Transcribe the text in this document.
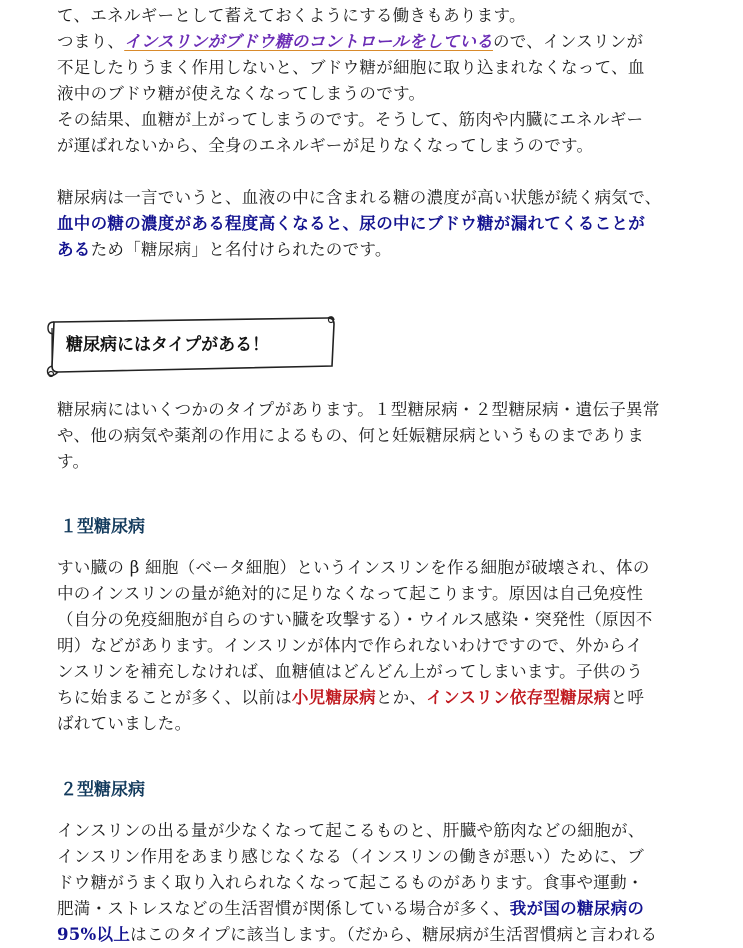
て、エネルギーとして蓄えておくようにする働きもあります。
つまり、インスリンがブドウ糖のコントロールをしているので、インスリンが
不足したりうまく作用しないと、ブドウ糖が細胞に取り込まれなくなって、血
液中のブドウ糖が使えなくなってしまうのです。
その結果、血糖が上がってしまうのです。そうして、筋肉や内臓にエネルギー
が運ばれないから、全身のエネルギーが足りなくなってしまうのです。
糖尿病は一言でいうと、血液の中に含まれる糖の濃度が高い状態が続く病気で、
血中の糖の濃度がある程度高くなると、尿の中にブドウ糖が漏れてくることが
あるため「糖尿病」と名付けられたのです。
糖尿病にはタイプがある！
糖尿病にはいくつかのタイプがあります。１型糖尿病・２型糖尿病・遺伝子異常
や、他の病気や薬剤の作用によるもの、何と妊娠糖尿病というものまでありま
す。
１型糖尿病
すい臓の β 細胞（ベータ細胞）というインスリンを作る細胞が破壊され、体の
中のインスリンの量が絶対的に足りなくなって起こります。原因は自己免疫性
（自分の免疫細胞が自らのすい臓を攻撃する）・ウイルス感染・突発性（原因不
明）などがあります。インスリンが体内で作られないわけですので、外からイ
ンスリンを補充しなければ、血糖値はどんどん上がってしまいます。子供のう
ちに始まることが多く、以前は小児糖尿病とか、インスリン依存型糖尿病と呼
ばれていました。
２型糖尿病
インスリンの出る量が少なくなって起こるものと、肝臓や筋肉などの細胞が、
インスリン作用をあまり感じなくなる（インスリンの働きが悪い）ために、ブ
ドウ糖がうまく取り入れられなくなって起こるものがあります。食事や運動・
肥満・ストレスなどの生活習慣が関係している場合が多く、我が国の糖尿病の
95%以上はこのタイプに該当します。（だから、糖尿病が生活習慣病と言われる
